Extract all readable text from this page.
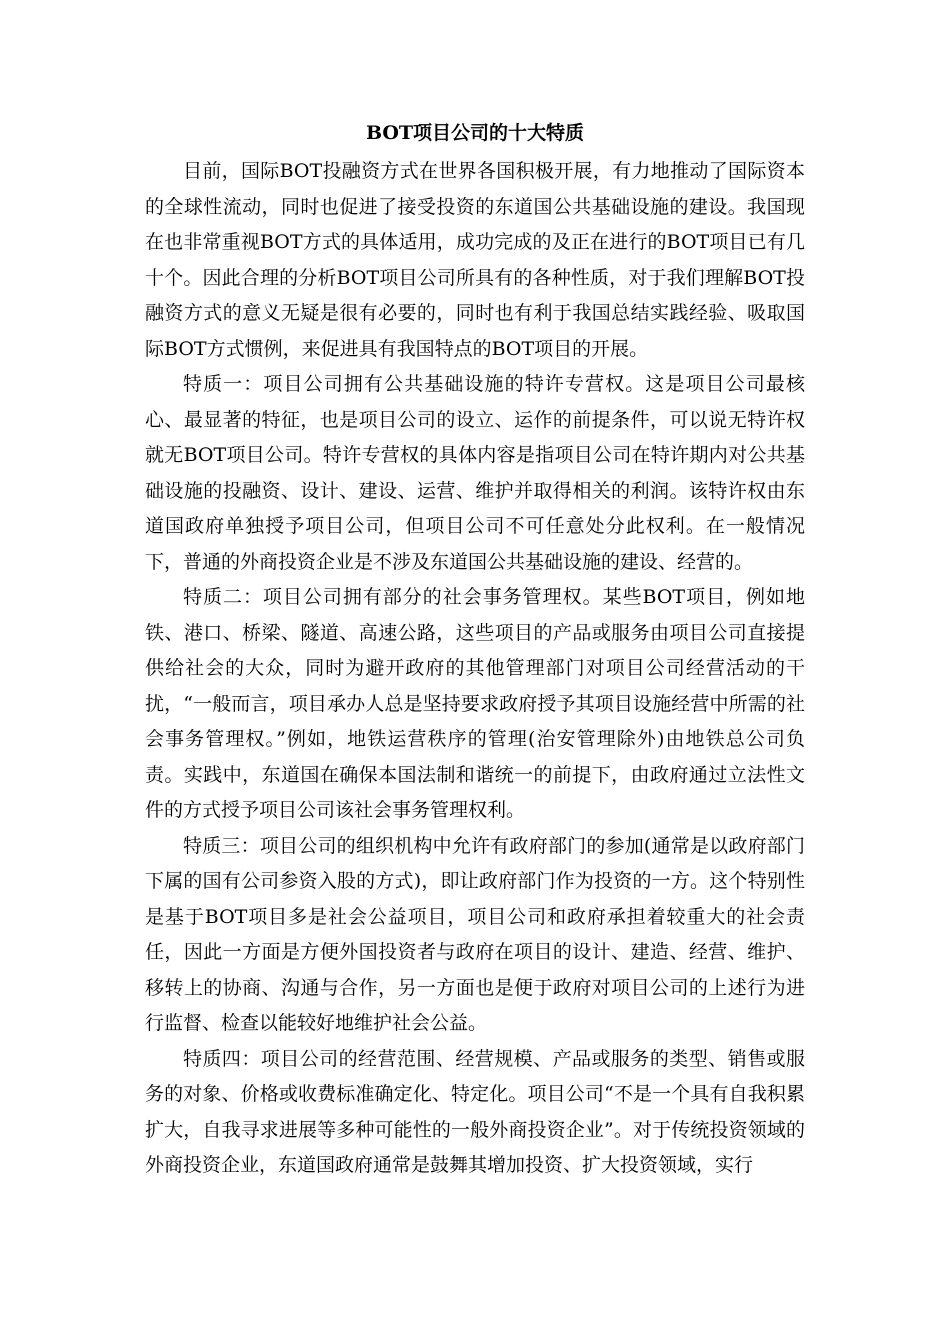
BOT项目公司的十大特质

目前，国际BOT投融资方式在世界各国积极开展，有力地推动了国际资本的全球性流动，同时也促进了接受投资的东道国公共基础设施的建设。我国现在也非常重视BOT方式的具体适用，成功完成的及正在进行的BOT项目已有几十个。因此合理的分析BOT项目公司所具有的各种性质，对于我们理解BOT投融资方式的意义无疑是很有必要的，同时也有利于我国总结实践经验、吸取国际BOT方式惯例，来促进具有我国特点的BOT项目的开展。

特质一：项目公司拥有公共基础设施的特许专营权。这是项目公司最核心、最显著的特征，也是项目公司的设立、运作的前提条件，可以说无特许权就无BOT项目公司。特许专营权的具体内容是指项目公司在特许期内对公共基础设施的投融资、设计、建设、运营、维护并取得相关的利润。该特许权由东道国政府单独授予项目公司，但项目公司不可任意处分此权利。在一般情况下，普通的外商投资企业是不涉及东道国公共基础设施的建设、经营的。

特质二：项目公司拥有部分的社会事务管理权。某些BOT项目，例如地铁、港口、桥梁、隧道、高速公路，这些项目的产品或服务由项目公司直接提供给社会的大众，同时为避开政府的其他管理部门对项目公司经营活动的干扰，“一般而言，项目承办人总是坚持要求政府授予其项目设施经营中所需的社会事务管理权。”例如，地铁运营秩序的管理(治安管理除外)由地铁总公司负责。实践中，东道国在确保本国法制和谐统一的前提下，由政府通过立法性文件的方式授予项目公司该社会事务管理权利。

特质三：项目公司的组织机构中允许有政府部门的参加(通常是以政府部门下属的国有公司参资入股的方式)，即让政府部门作为投资的一方。这个特别性是基于BOT项目多是社会公益项目，项目公司和政府承担着较重大的社会责任，因此一方面是方便外国投资者与政府在项目的设计、建造、经营、维护、移转上的协商、沟通与合作，另一方面也是便于政府对项目公司的上述行为进行监督、检查以能较好地维护社会公益。

特质四：项目公司的经营范围、经营规模、产品或服务的类型、销售或服务的对象、价格或收费标准确定化、特定化。项目公司“不是一个具有自我积累扩大，自我寻求进展等多种可能性的一般外商投资企业”。对于传统投资领域的外商投资企业，东道国政府通常是鼓舞其增加投资、扩大投资领域，实行
